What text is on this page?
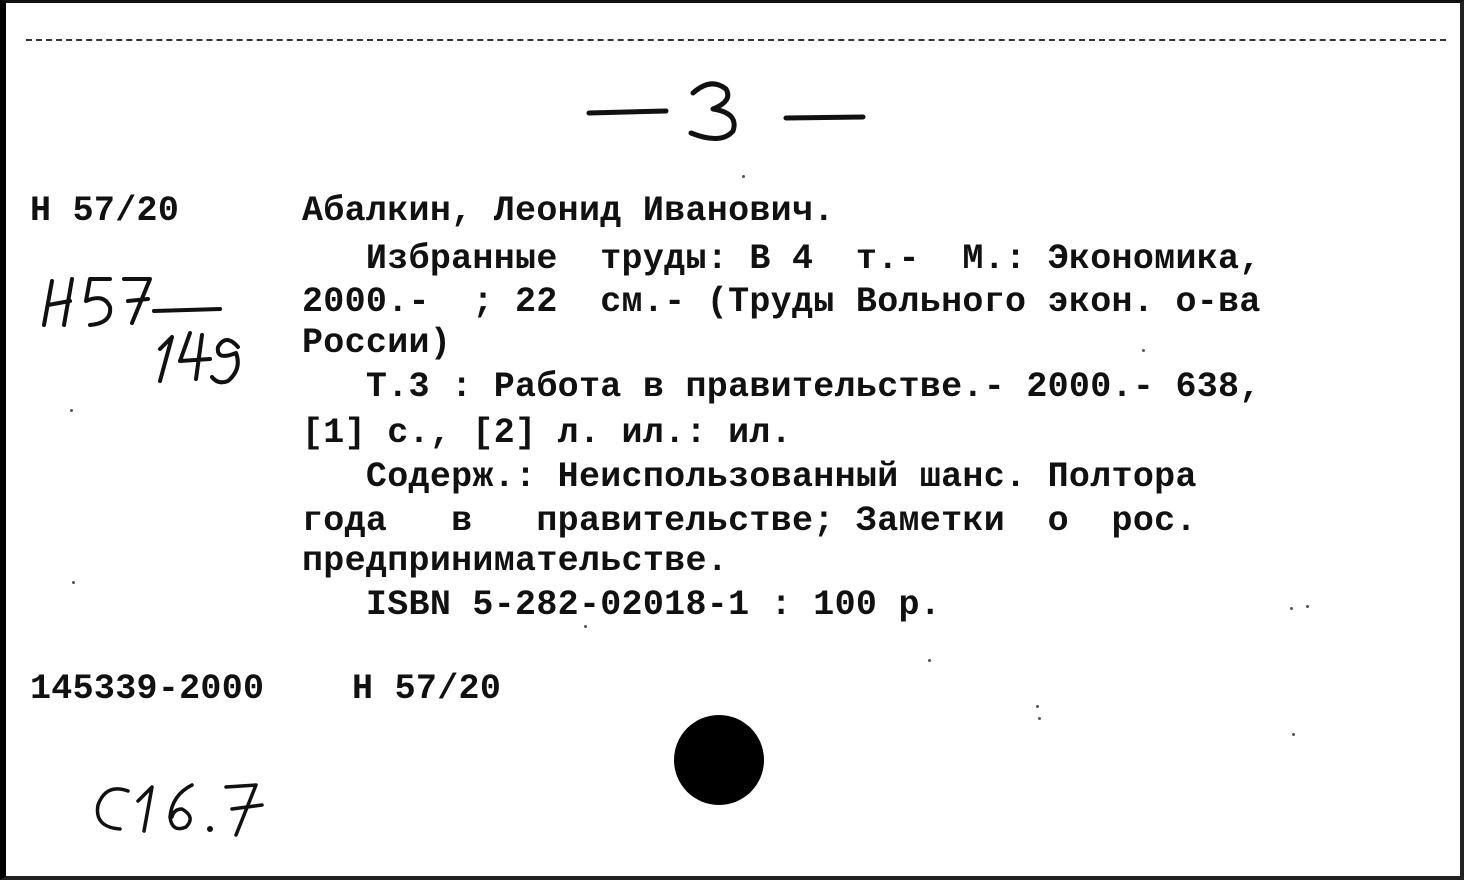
Н 57/20	Абалкин, Леонид Иванович.
Избранные  труды: В 4  т.-  М.: Экономика,
2000.-  ; 22  см.- (Труды Вольного экон. о-ва
России)
Т.3 : Работа в правительстве.- 2000.- 638,
[1] с., [2] л. ил.: ил.
Содерж.: Неиспользованный шанс. Полтора
года   в   правительстве; Заметки  о  рос.
предпринимательстве.
ISBN 5-282-02018-1 : 100 р.
145339-2000	Н 57/20
